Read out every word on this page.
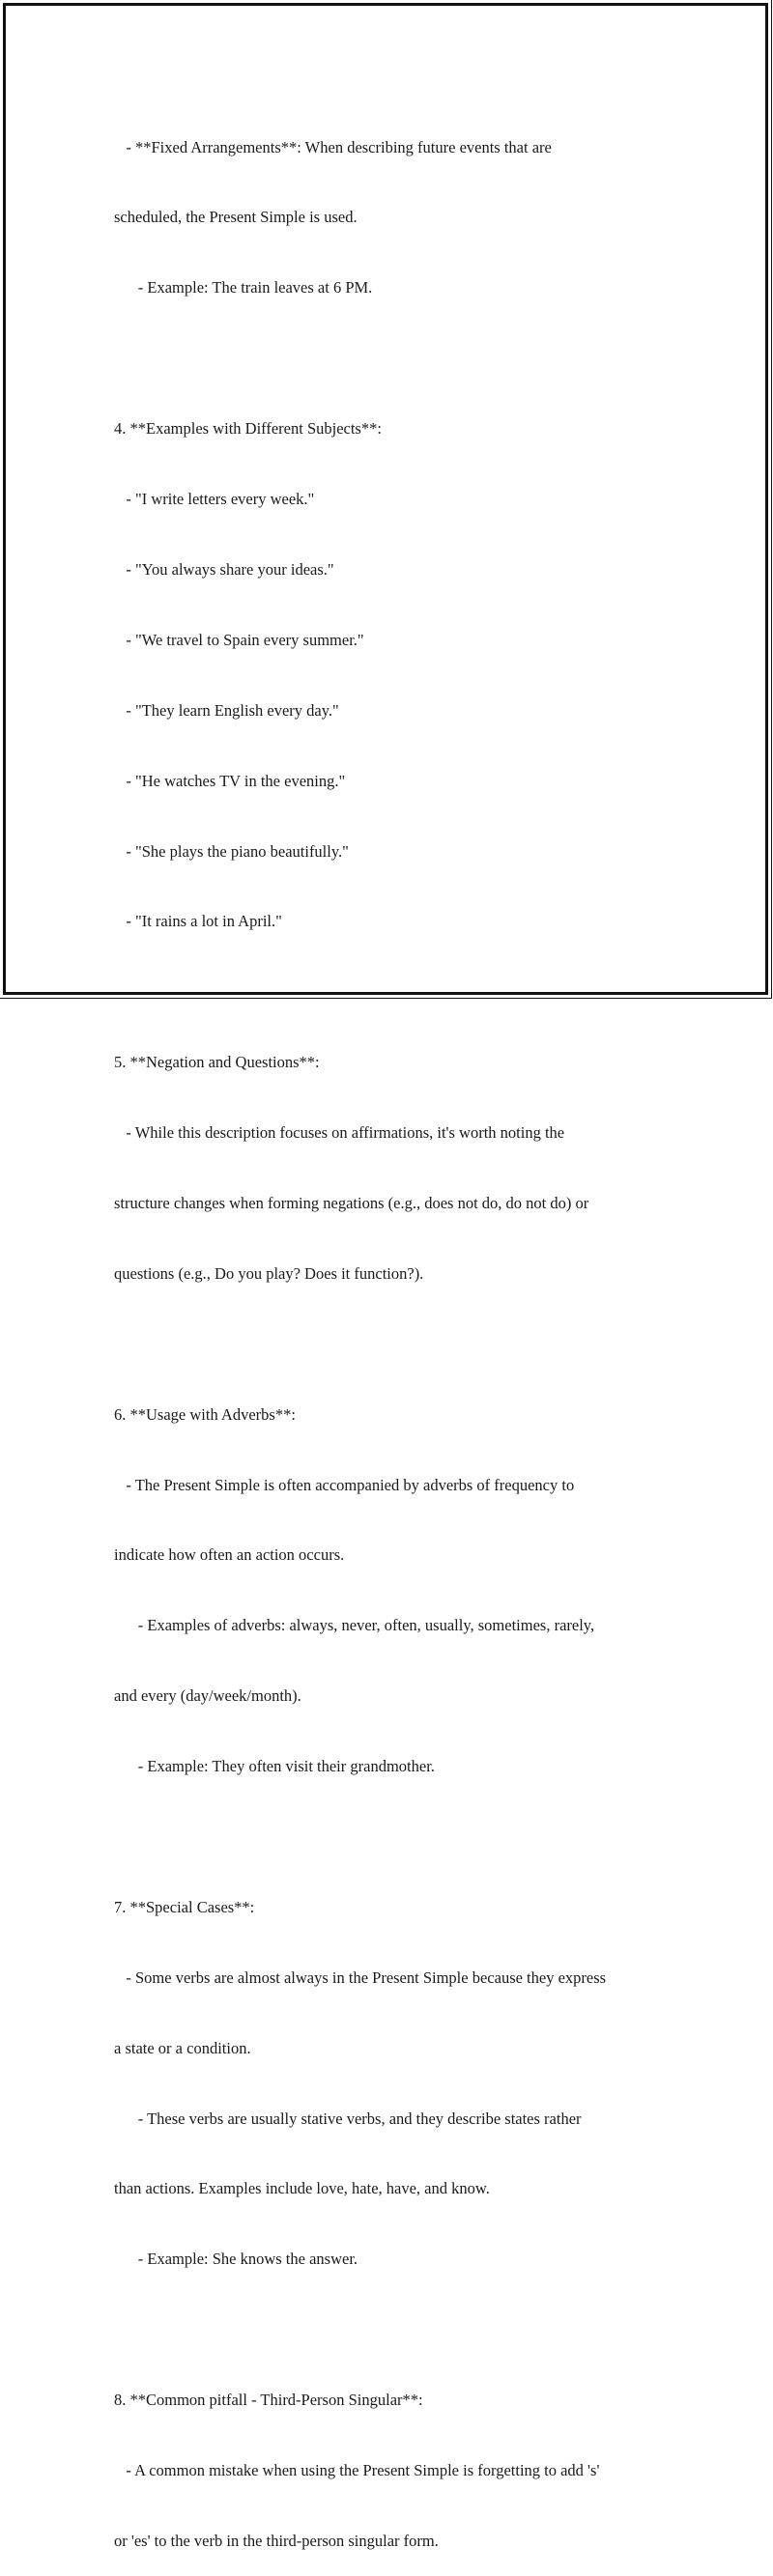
- **Fixed Arrangements**: When describing future events that are

scheduled, the Present Simple is used.

- Example: The train leaves at 6 PM.

4. **Examples with Different Subjects**:

- "I write letters every week."

- "You always share your ideas."

- "We travel to Spain every summer."

- "They learn English every day."

- "He watches TV in the evening."

- "She plays the piano beautifully."

- "It rains a lot in April."

5. **Negation and Questions**:

- While this description focuses on affirmations, it's worth noting the

structure changes when forming negations (e.g., does not do, do not do) or

questions (e.g., Do you play? Does it function?).

6. **Usage with Adverbs**:

- The Present Simple is often accompanied by adverbs of frequency to

indicate how often an action occurs.

- Examples of adverbs: always, never, often, usually, sometimes, rarely,

and every (day/week/month).

- Example: They often visit their grandmother.

7. **Special Cases**:

- Some verbs are almost always in the Present Simple because they express

a state or a condition.

- These verbs are usually stative verbs, and they describe states rather

than actions. Examples include love, hate, have, and know.

- Example: She knows the answer.

8. **Common pitfall - Third-Person Singular**:

- A common mistake when using the Present Simple is forgetting to add 's'

or 'es' to the verb in the third-person singular form.
